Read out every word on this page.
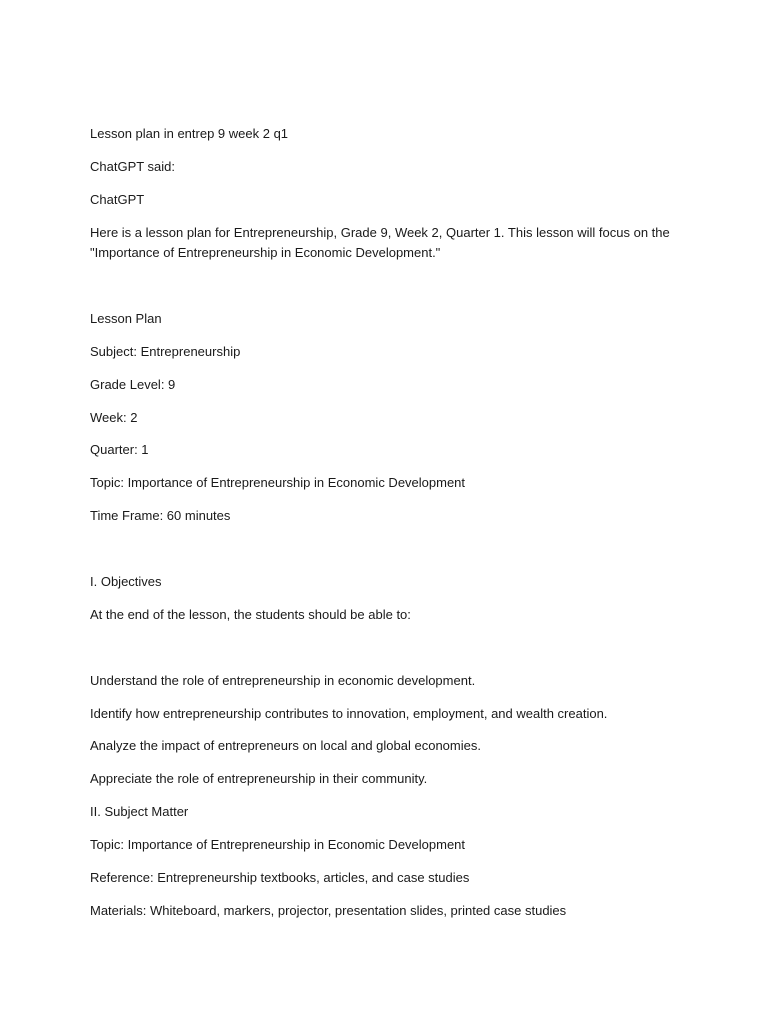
Lesson plan in entrep 9 week 2 q1

ChatGPT said:

ChatGPT

Here is a lesson plan for Entrepreneurship, Grade 9, Week 2, Quarter 1. This lesson will focus on the

"Importance of Entrepreneurship in Economic Development."

Lesson Plan

Subject: Entrepreneurship

Grade Level: 9

Week: 2

Quarter: 1

Topic: Importance of Entrepreneurship in Economic Development

Time Frame: 60 minutes

I. Objectives

At the end of the lesson, the students should be able to:

Understand the role of entrepreneurship in economic development.

Identify how entrepreneurship contributes to innovation, employment, and wealth creation.

Analyze the impact of entrepreneurs on local and global economies.

Appreciate the role of entrepreneurship in their community.

II. Subject Matter

Topic: Importance of Entrepreneurship in Economic Development

Reference: Entrepreneurship textbooks, articles, and case studies

Materials: Whiteboard, markers, projector, presentation slides, printed case studies
